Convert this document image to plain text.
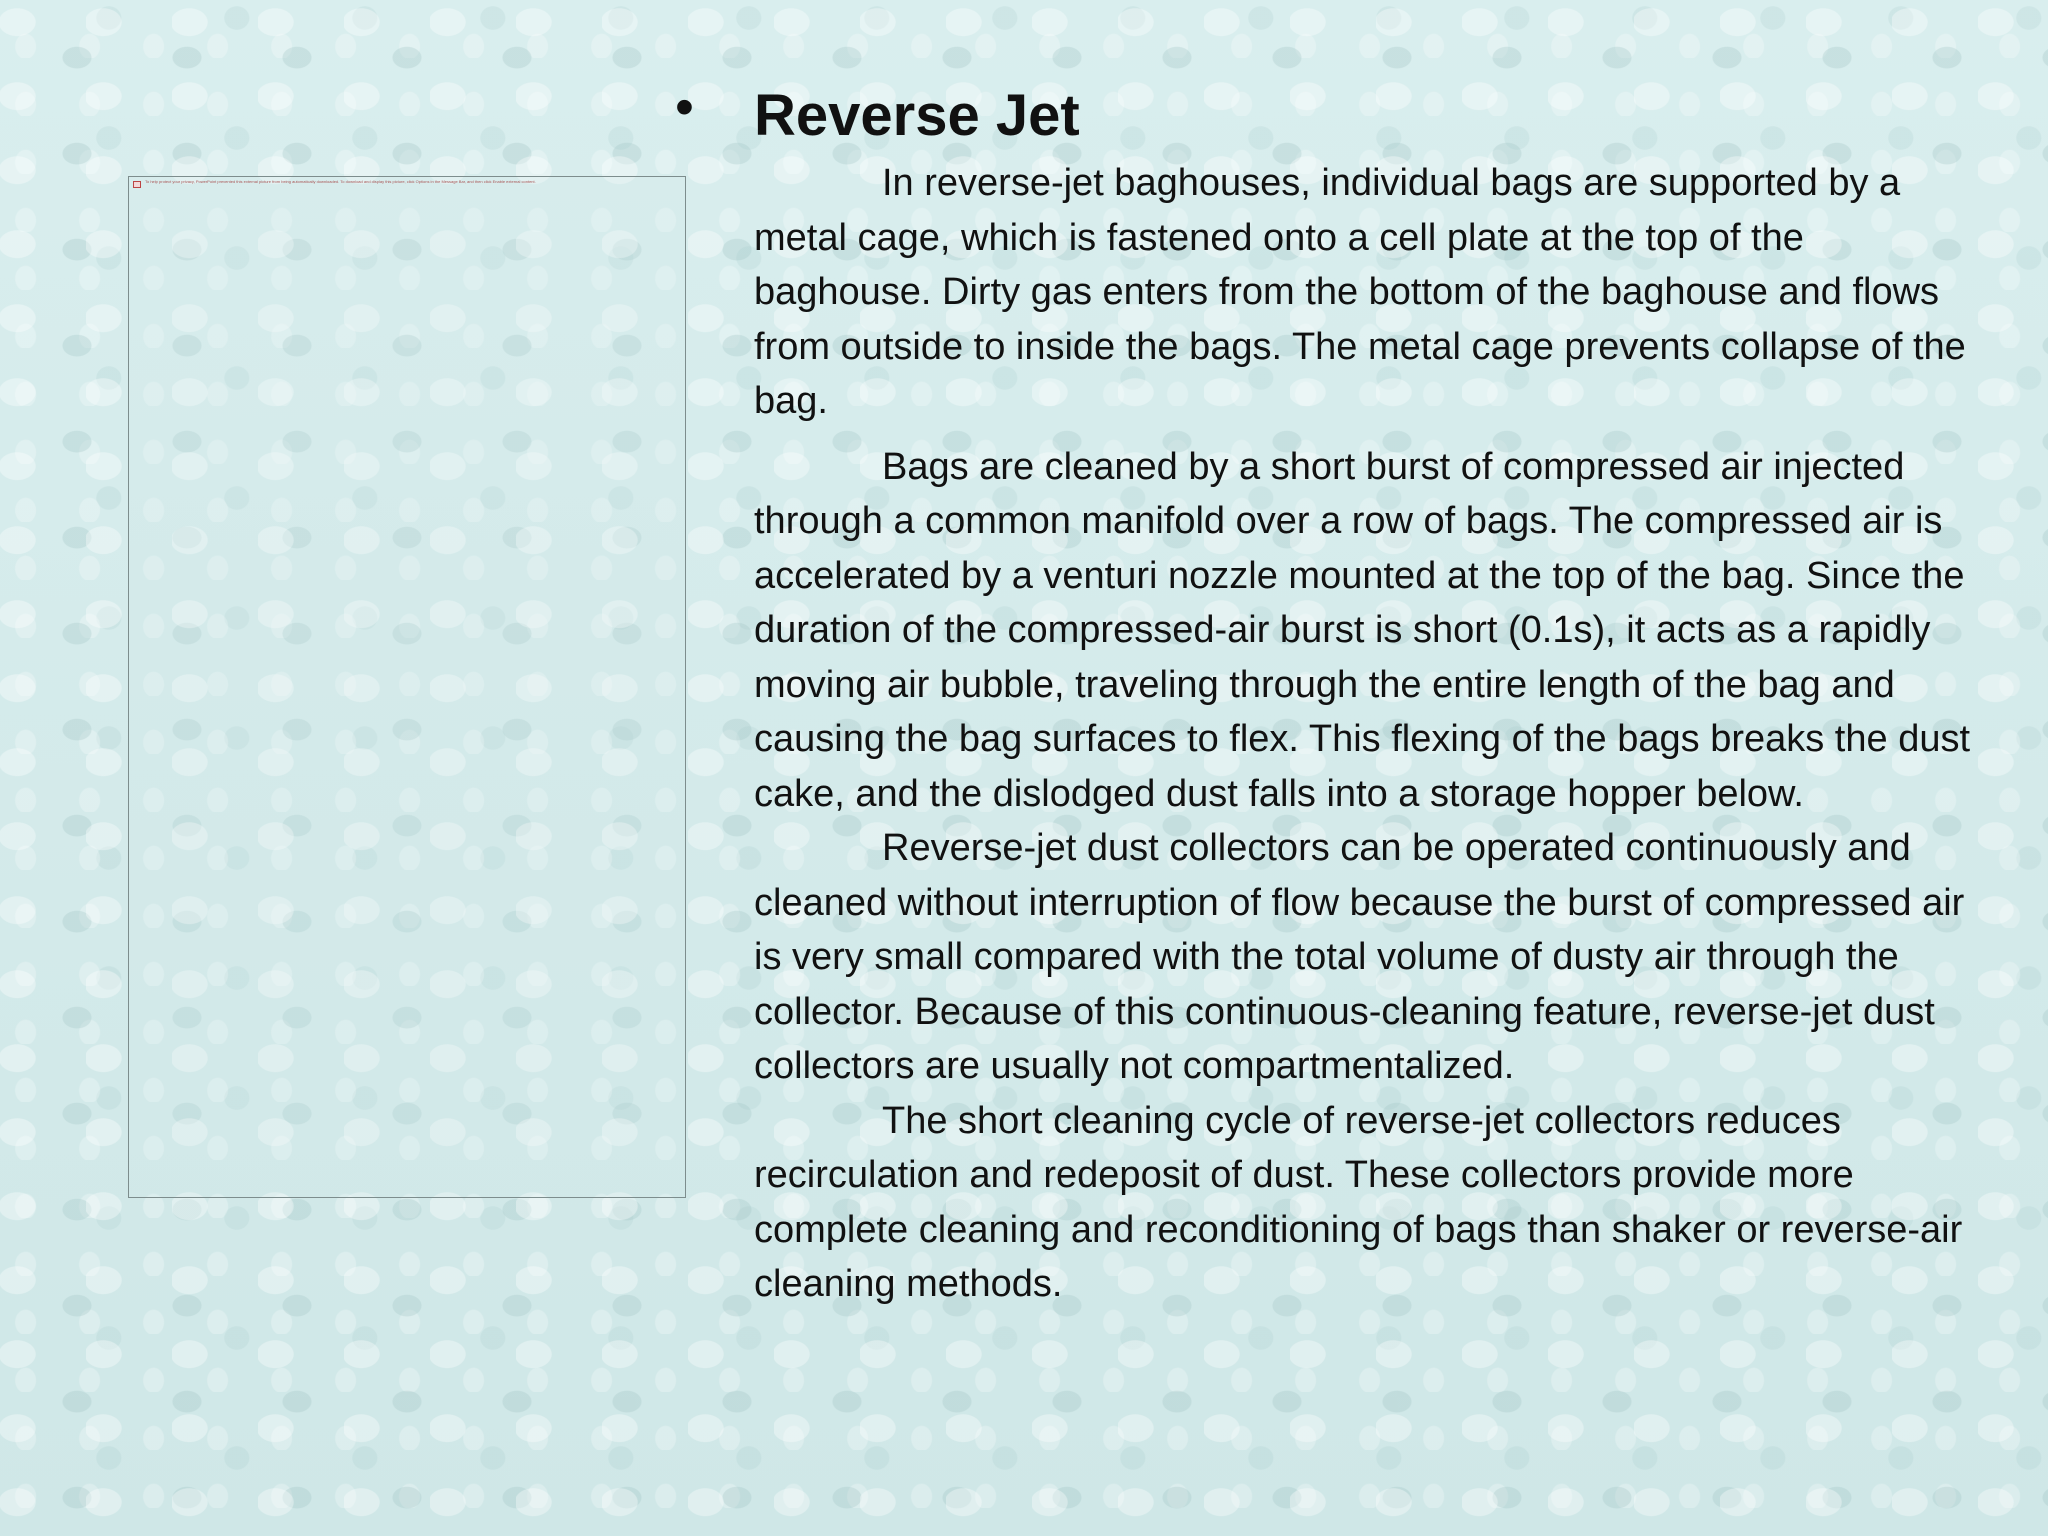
To help protect your privacy, PowerPoint prevented this external picture from being automatically downloaded. To download and display this picture, click Options in the Message Bar, and then click Enable external content.
• Reverse Jet

In reverse-jet baghouses, individual bags are supported by a metal cage, which is fastened onto a cell plate at the top of the baghouse. Dirty gas enters from the bottom of the baghouse and flows from outside to inside the bags. The metal cage prevents collapse of the bag.

Bags are cleaned by a short burst of compressed air injected through a common manifold over a row of bags. The compressed air is accelerated by a venturi nozzle mounted at the top of the bag. Since the duration of the compressed-air burst is short (0.1s), it acts as a rapidly moving air bubble, traveling through the entire length of the bag and causing the bag surfaces to flex. This flexing of the bags breaks the dust cake, and the dislodged dust falls into a storage hopper below.

Reverse-jet dust collectors can be operated continuously and cleaned without interruption of flow because the burst of compressed air is very small compared with the total volume of dusty air through the collector. Because of this continuous-cleaning feature, reverse-jet dust collectors are usually not compartmentalized.

The short cleaning cycle of reverse-jet collectors reduces recirculation and redeposit of dust. These collectors provide more complete cleaning and reconditioning of bags than shaker or reverse-air cleaning methods.
